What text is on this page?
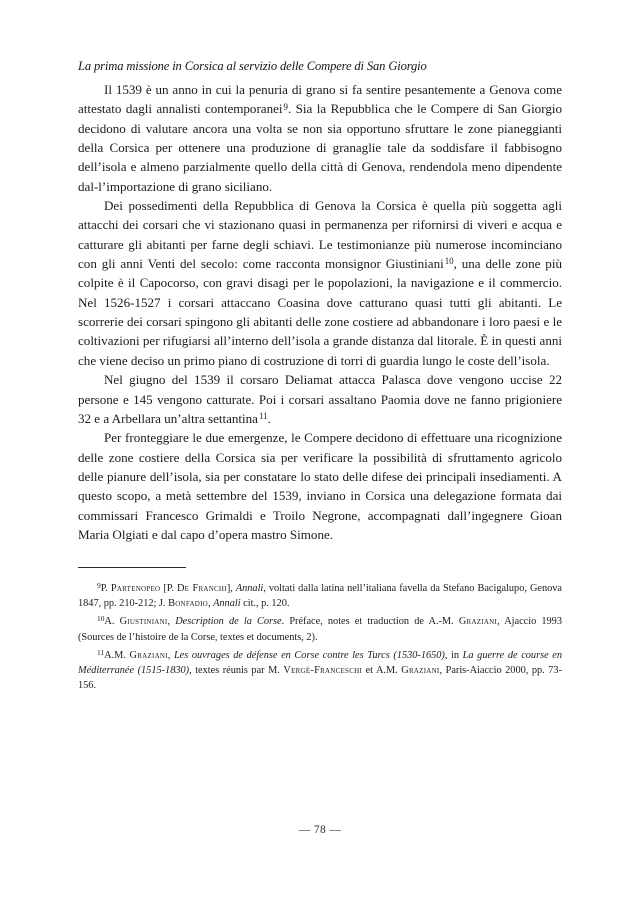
La prima missione in Corsica al servizio delle Compere di San Giorgio

Il 1539 è un anno in cui la penuria di grano si fa sentire pesantemente a Genova come attestato dagli annalisti contemporanei$^9$. Sia la Repubblica che le Compere di San Giorgio decidono di valutare ancora una volta se non sia opportuno sfruttare le zone pianeggianti della Corsica per ottenere una produzione di granaglie tale da soddisfare il fabbisogno dell’isola e almeno parzialmente quello della città di Genova, rendendola meno dipendente dal-l’importazione di grano siciliano.

Dei possedimenti della Repubblica di Genova la Corsica è quella più soggetta agli attacchi dei corsari che vi stazionano quasi in permanenza per rifornirsi di viveri e acqua e catturare gli abitanti per farne degli schiavi. Le testimonianze più numerose incominciano con gli anni Venti del secolo: come racconta monsignor Giustiniani$^{10}$, una delle zone più colpite è il Capocorso, con gravi disagi per le popolazioni, la navigazione e il commercio. Nel 1526-1527 i corsari attaccano Coasina dove catturano quasi tutti gli abitanti. Le scorrerie dei corsari spingono gli abitanti delle zone costiere ad abbandonare i loro paesi e le coltivazioni per rifugiarsi all’interno dell’isola a grande distanza dal litorale. È in questi anni che viene deciso un primo piano di costruzione di torri di guardia lungo le coste dell’isola.

Nel giugno del 1539 il corsaro Deliamat attacca Palasca dove vengono uccise 22 persone e 145 vengono catturate. Poi i corsari assaltano Paomia dove ne fanno prigioniere 32 e a Arbellara un’altra settantina$^{11}$.

Per fronteggiare le due emergenze, le Compere decidono di effettuare una ricognizione delle zone costiere della Corsica sia per verificare la possibilità di sfruttamento agricolo delle pianure dell’isola, sia per constatare lo stato delle difese dei principali insediamenti. A questo scopo, a metà settembre del 1539, inviano in Corsica una delegazione formata dai commissari Francesco Grimaldi e Troilo Negrone, accompagnati dall’ingegnere Gioan Maria Olgiati e dal capo d’opera mastro Simone.

$^9$P. Partenopeo [P. De Franchi], Annali, voltati dalla latina nell’italiana favella da Stefano Bacigalupo, Genova 1847, pp. 210-212; J. Bonfadio, Annali cit., p. 120.

$^{10}$A. Giustiniani, Description de la Corse. Préface, notes et traduction de A.-M. Graziani, Ajaccio 1993 (Sources de l’histoire de la Corse, textes et documents, 2).

$^{11}$A.M. Graziani, Les ouvrages de défense en Corse contre les Turcs (1530-1650), in La guerre de course en Méditerranée (1515-1830), textes réunis par M. Vergé-Franceschi et A.M. Graziani, Paris-Aiaccio 2000, pp. 73-156.

— 78 —
